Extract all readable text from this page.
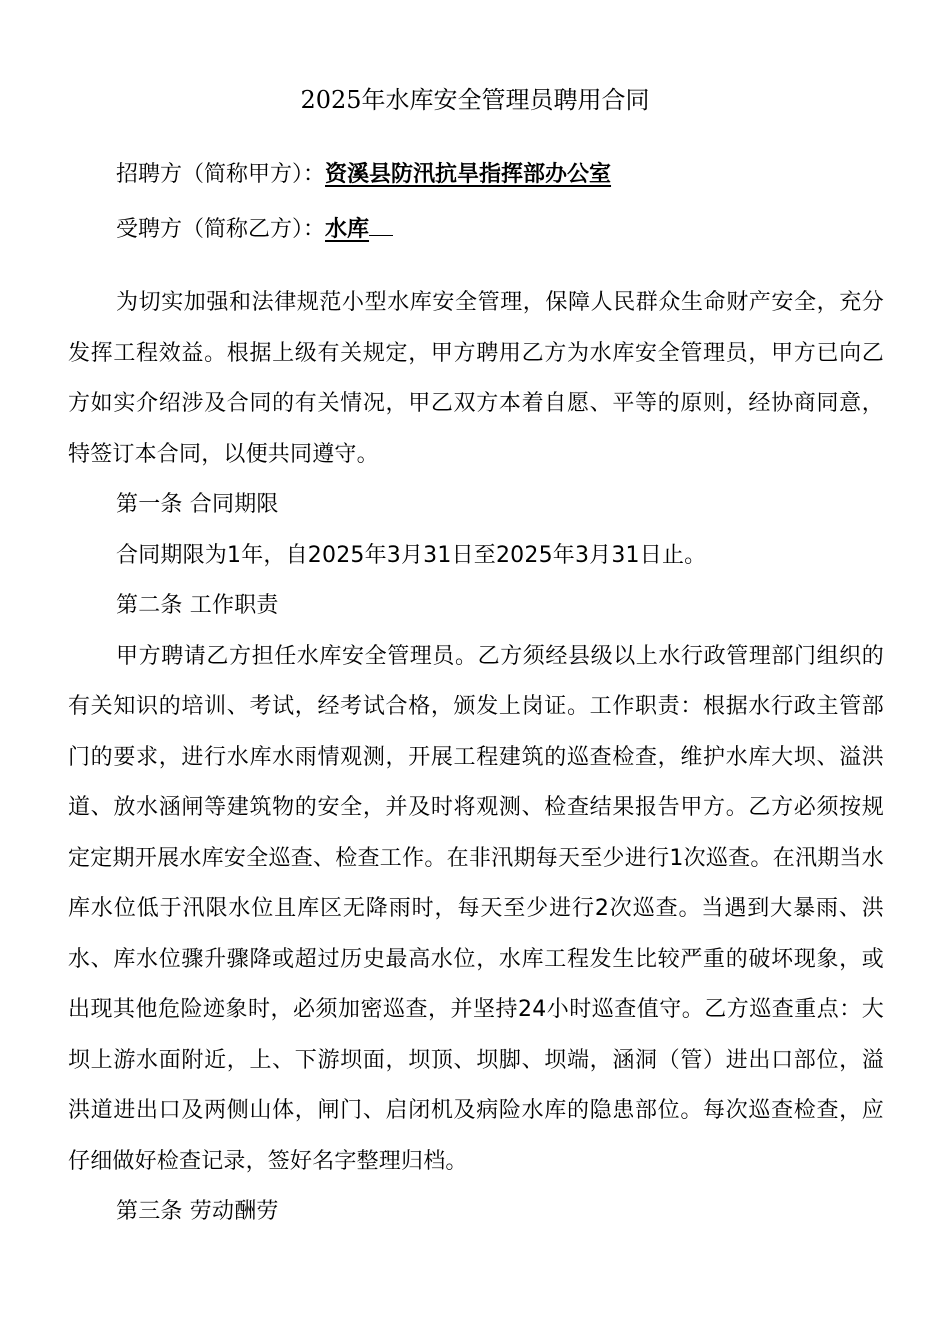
2025年水库安全管理员聘用合同
招聘方（简称甲方）：资溪县防汛抗旱指挥部办公室
受聘方（简称乙方）：水库

为切实加强和法律规范小型水库安全管理，保障人民群众生命财产安全，充分发挥工程效益。根据上级有关规定，甲方聘用乙方为水库安全管理员，甲方已向乙方如实介绍涉及合同的有关情况，甲乙双方本着自愿、平等的原则，经协商同意，特签订本合同，以便共同遵守。

第一条 合同期限

合同期限为1年，自2025年3月31日至2025年3月31日止。

第二条 工作职责

甲方聘请乙方担任水库安全管理员。乙方须经县级以上水行政管理部门组织的有关知识的培训、考试，经考试合格，颁发上岗证。工作职责：根据水行政主管部门的要求，进行水库水雨情观测，开展工程建筑的巡查检查，维护水库大坝、溢洪道、放水涵闸等建筑物的安全，并及时将观测、检查结果报告甲方。乙方必须按规定定期开展水库安全巡查、检查工作。在非汛期每天至少进行1次巡查。在汛期当水库水位低于汛限水位且库区无降雨时，每天至少进行2次巡查。当遇到大暴雨、洪水、库水位骤升骤降或超过历史最高水位，水库工程发生比较严重的破坏现象，或出现其他危险迹象时，必须加密巡查，并坚持24小时巡查值守。乙方巡查重点：大坝上游水面附近，上、下游坝面，坝顶、坝脚、坝端，涵洞（管）进出口部位，溢洪道进出口及两侧山体，闸门、启闭机及病险水库的隐患部位。每次巡查检查，应仔细做好检查记录，签好名字整理归档。

第三条 劳动酬劳
